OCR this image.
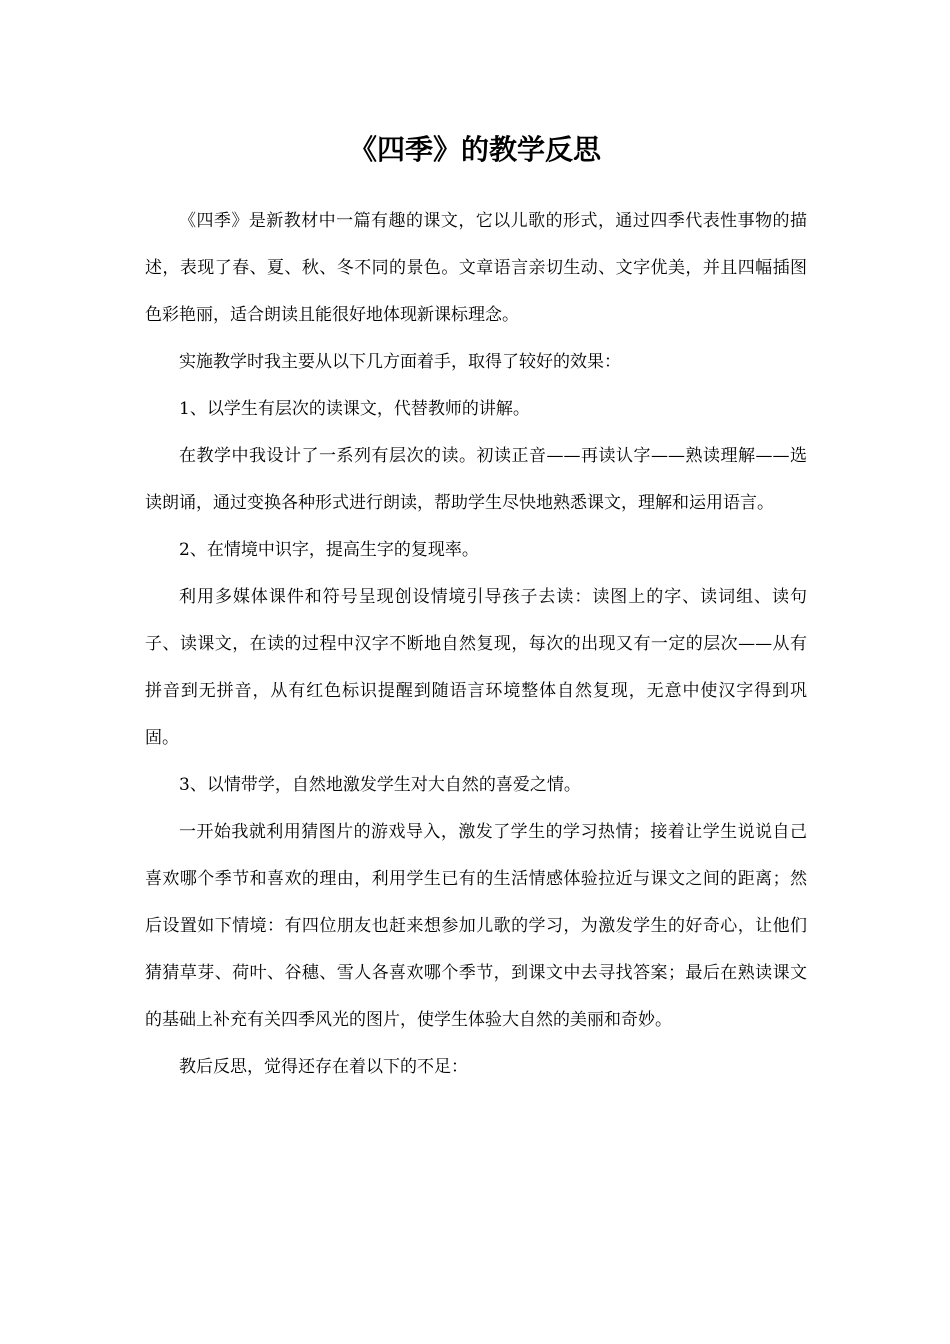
《四季》的教学反思

《四季》是新教材中一篇有趣的课文，它以儿歌的形式，通过四季代表性事物的描述，表现了春、夏、秋、冬不同的景色。文章语言亲切生动、文字优美，并且四幅插图色彩艳丽，适合朗读且能很好地体现新课标理念。

实施教学时我主要从以下几方面着手，取得了较好的效果：

1、以学生有层次的读课文，代替教师的讲解。

在教学中我设计了一系列有层次的读。初读正音——再读认字——熟读理解——选读朗诵，通过变换各种形式进行朗读，帮助学生尽快地熟悉课文，理解和运用语言。

2、在情境中识字，提高生字的复现率。

利用多媒体课件和符号呈现创设情境引导孩子去读：读图上的字、读词组、读句子、读课文，在读的过程中汉字不断地自然复现，每次的出现又有一定的层次——从有拼音到无拼音，从有红色标识提醒到随语言环境整体自然复现，无意中使汉字得到巩固。

3、以情带学，自然地激发学生对大自然的喜爱之情。

一开始我就利用猜图片的游戏导入，激发了学生的学习热情；接着让学生说说自己喜欢哪个季节和喜欢的理由，利用学生已有的生活情感体验拉近与课文之间的距离；然后设置如下情境：有四位朋友也赶来想参加儿歌的学习，为激发学生的好奇心，让他们猜猜草芽、荷叶、谷穗、雪人各喜欢哪个季节，到课文中去寻找答案；最后在熟读课文的基础上补充有关四季风光的图片，使学生体验大自然的美丽和奇妙。

教后反思，觉得还存在着以下的不足：
